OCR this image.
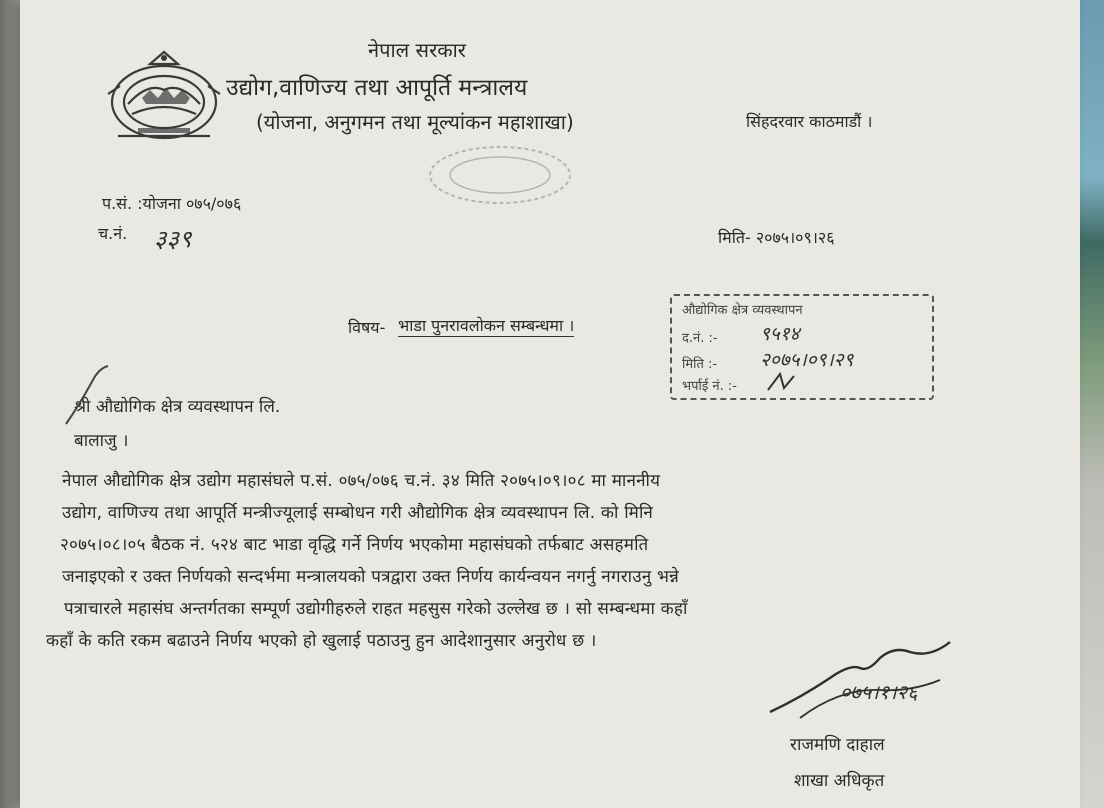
नेपाल सरकार
उद्योग,वाणिज्य तथा आपूर्ति मन्त्रालय
(योजना, अनुगमन तथा मूल्यांकन महाशाखा)	सिंहदरवार काठमाडौं ।
प.सं. :योजना ०७५/०७६
च.नं. ३३९	मिति- २०७५।०९।२६
विषय- भाडा पुनरावलोकन सम्बन्धमा ।
औद्योगिक क्षेत्र व्यवस्थापन
द.नं. :- ९५१४
मिति :- २०७५।०९।२९
भर्पाई नं. :-
श्री औद्योगिक क्षेत्र व्यवस्थापन लि.
बालाजु ।
नेपाल औद्योगिक क्षेत्र उद्योग महासंघले प.सं. ०७५/०७६ च.नं. ३४ मिति २०७५।०९।०८ मा माननीय
उद्योग, वाणिज्य तथा आपूर्ति मन्त्रीज्यूलाई सम्बोधन गरी औद्योगिक क्षेत्र व्यवस्थापन लि. को मिनि
२०७५।०८।०५ बैठक नं. ५२४ बाट भाडा वृद्धि गर्ने निर्णय भएकोमा महासंघको तर्फबाट असहमति
जनाइएको र उक्त निर्णयको सन्दर्भमा मन्त्रालयको पत्रद्वारा उक्त निर्णय कार्यन्वयन नगर्नु नगराउनु भन्ने
पत्राचारले महासंघ अन्तर्गतका सम्पूर्ण उद्योगीहरुले राहत महसुस गरेको उल्लेख छ । सो सम्बन्धमा कहाँ
कहाँ के कति रकम बढाउने निर्णय भएको हो खुलाई पठाउनु हुन आदेशानुसार अनुरोध छ ।
०७५।१।२६
राजमणि दाहाल
शाखा अधिकृत
